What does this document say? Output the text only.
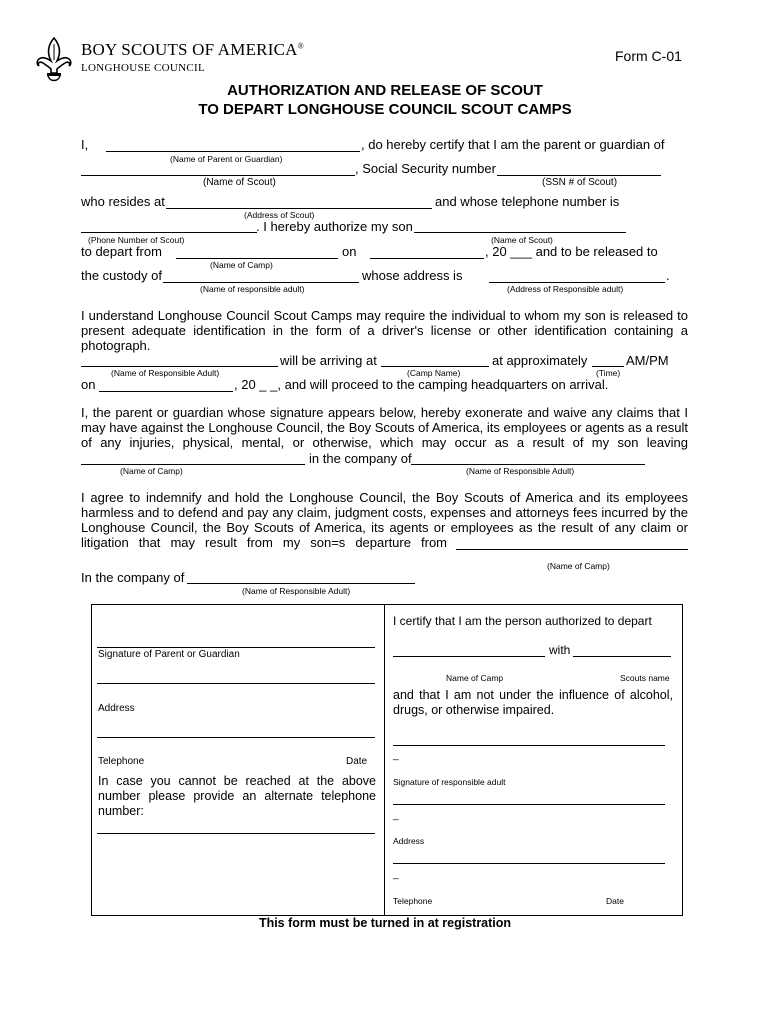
BOY SCOUTS OF AMERICA®
LONGHOUSE COUNCIL
Form C-01
AUTHORIZATION AND RELEASE OF SCOUT
TO DEPART LONGHOUSE COUNCIL SCOUT CAMPS
I,	, do hereby certify that I am the parent or guardian of
(Name of Parent or Guardian)
, Social Security number
(Name of Scout)	(SSN # of Scout)
who resides at	and whose telephone number is
(Address of Scout)
. I hereby authorize my son
(Phone Number of Scout)	(Name of Scout)
to depart from	on	, 20 ___ and to be released to
(Name of Camp)
the custody of	whose address is	.
(Name of responsible adult)	(Address of Responsible adult)
I understand Longhouse Council Scout Camps may require the individual to whom my son is released to present adequate identification in the form of a driver's license or other identification containing a photograph.
will be arriving at	at approximately	AM/PM
(Name of Responsible Adult)	(Camp Name)	(Time)
on	, 20 _ _, and will proceed to the camping headquarters on arrival.
I, the parent or guardian whose signature appears below, hereby exonerate and waive any claims that I may have against the Longhouse Council, the Boy Scouts of America, its employees or agents as a result of any injuries, physical, mental, or otherwise, which may occur as a result of my son leaving
in the company of
(Name of Camp)	(Name of Responsible Adult)
I agree to indemnify and hold the Longhouse Council, the Boy Scouts of America and its employees harmless and to defend and pay any claim, judgment costs, expenses and attorneys fees incurred by the Longhouse Council, the Boy Scouts of America, its agents or employees as the result of any claim or
litigation that may result from my son=s departure from
(Name of Camp)
In the company of
(Name of Responsible Adult)
Signature of Parent or Guardian
Address
Telephone	Date
In case you cannot be reached at the above number please provide an alternate telephone number:
I certify that I am the person authorized to depart
with
Name of Camp	Scouts name
and that I am not under the influence of alcohol, drugs, or otherwise impaired.
_
Signature of responsible adult
_
Address
_
Telephone	Date
This form must be turned in at registration
